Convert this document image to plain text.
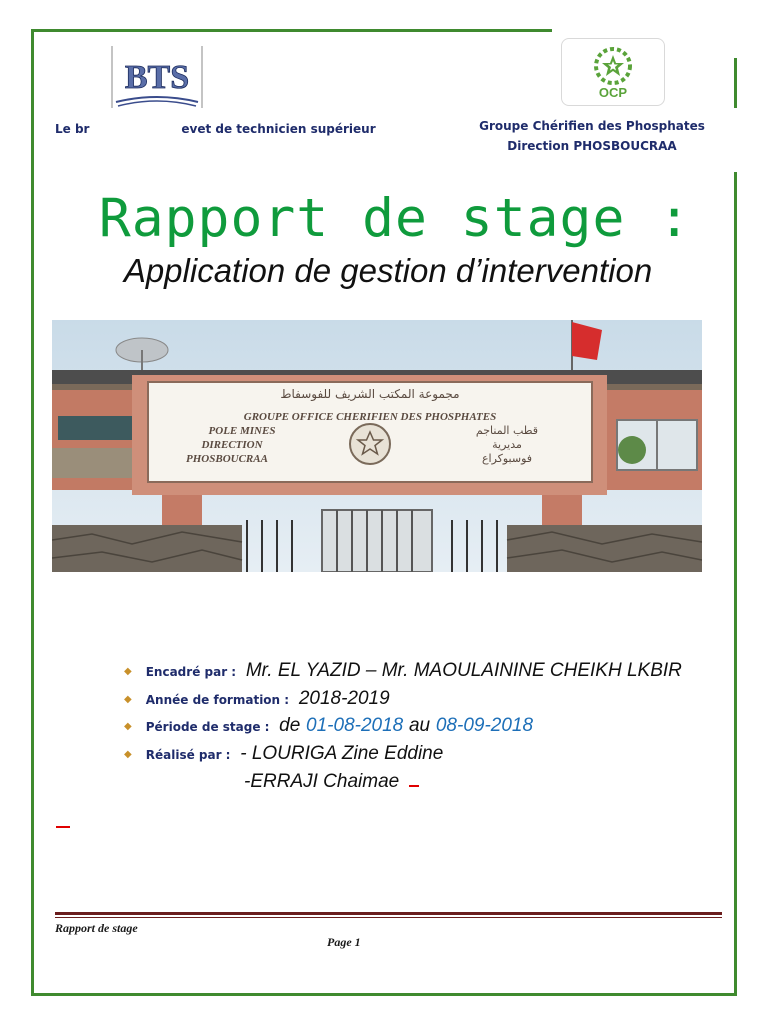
BTS	OCP
Le br                      evet de technicien supérieur	Groupe Chérifien des Phosphates
Direction PHOSBOUCRAA
Rapport de stage :
Application de gestion d’intervention
مجموعة المكتب الشريف للفوسفاط
GROUPE OFFICE CHERIFIEN DES PHOSPHATES
POLE MINES
DIRECTION
PHOSBOUCRAA
قطب المناجم
مديرية
فوسبوكراع
◆ Encadré par : Mr. EL YAZID – Mr. MAOULAININE CHEIKH LKBIR
◆ Année de formation : 2018-2019
◆ Période de stage : de 01-08-2018 au 08-09-2018
◆ Réalisé par : - LOURIGA Zine Eddine
-ERRAJI Chaimae
Rapport de stage
Page 1
